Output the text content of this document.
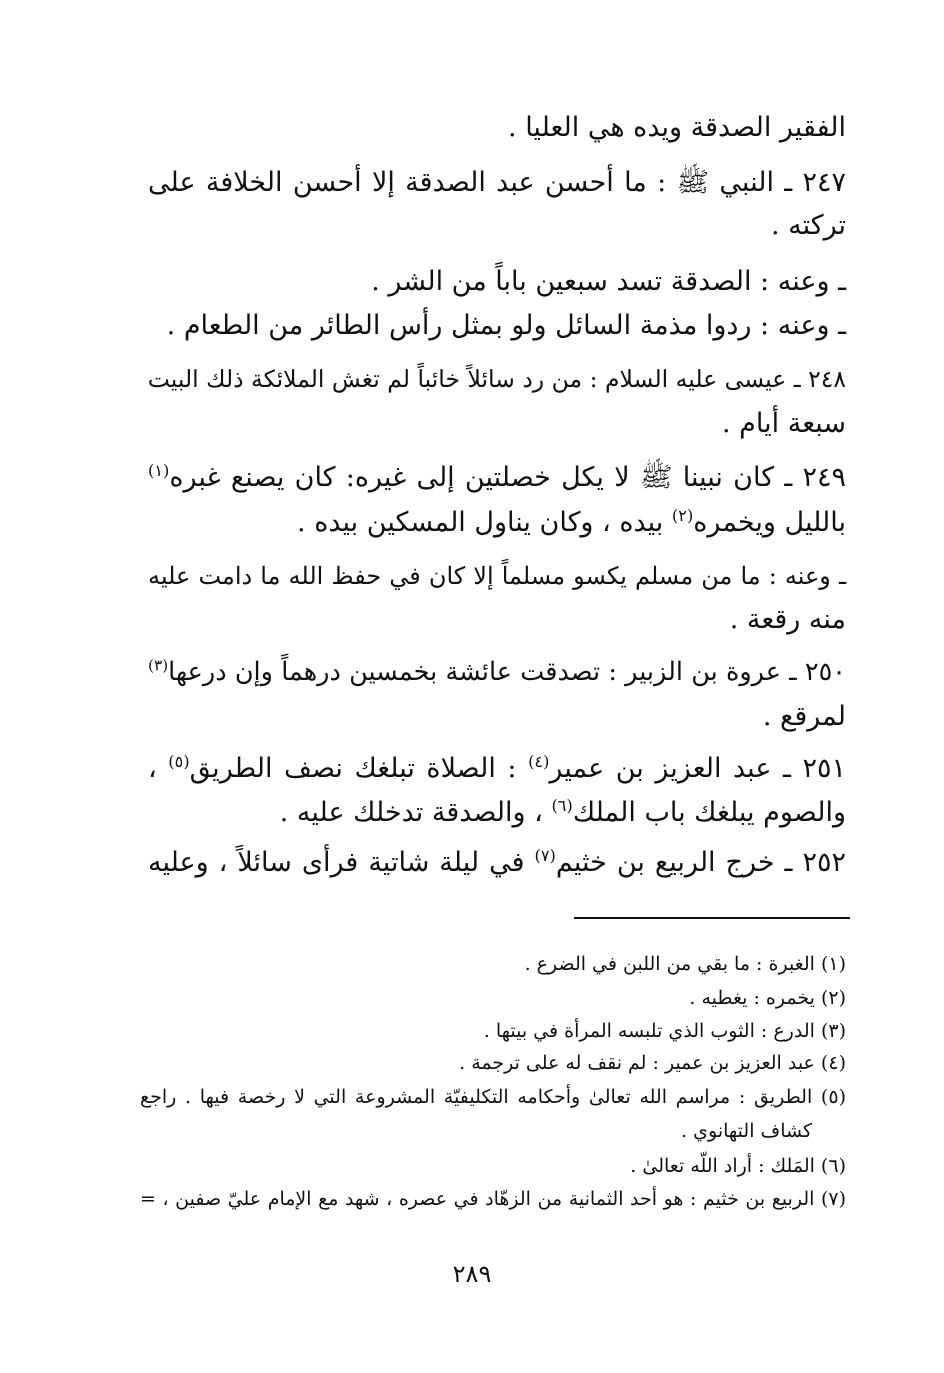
الفقير الصدقة ويده هي العليا .
٢٤٧ ـ النبي ﷺ : ما أحسن عبد الصدقة إلا أحسن الخلافة على
تركته .
ـ وعنه : الصدقة تسد سبعين باباً من الشر .
ـ وعنه : ردوا مذمة السائل ولو بمثل رأس الطائر من الطعام .
٢٤٨ ـ عيسى عليه السلام : من رد سائلاً خائباً لم تغش الملائكة ذلك البيت
سبعة أيام .
٢٤٩ ـ كان نبينا ﷺ لا يكل خصلتين إلى غيره: كان يصنع غبره$^{(١)}$
بالليل ويخمره$^{(٢)}$ بيده ، وكان يناول المسكين بيده .
ـ وعنه : ما من مسلم يكسو مسلماً إلا كان في حفظ الله ما دامت عليه
منه رقعة .
٢٥٠ ـ عروة بن الزبير : تصدقت عائشة بخمسين درهماً وإن درعها$^{(٣)}$
لمرقع .
٢٥١ ـ عبد العزيز بن عمير$^{(٤)}$ : الصلاة تبلغك نصف الطريق$^{(٥)}$ ،
والصوم يبلغك باب الملك$^{(٦)}$ ، والصدقة تدخلك عليه .
٢٥٢ ـ خرج الربيع بن خثيم$^{(٧)}$ في ليلة شاتية فرأى سائلاً ، وعليه
(١) الغبرة : ما بقي من اللبن في الضرع .
(٢) يخمره : يغطيه .
(٣) الدرع : الثوب الذي تلبسه المرأة في بيتها .
(٤) عبد العزيز بن عمير : لم نقف له على ترجمة .
(٥) الطريق : مراسم الله تعالىٰ وأحكامه التكليفيّة المشروعة التي لا رخصة فيها . راجع
كشاف التهانوي .
(٦) المَلك : أراد اللّه تعالىٰ .
(٧) الربيع بن خثيم : هو أحد الثمانية من الزهّاد في عصره ، شهد مع الإمام عليّ صفين ، =
٢٨٩
